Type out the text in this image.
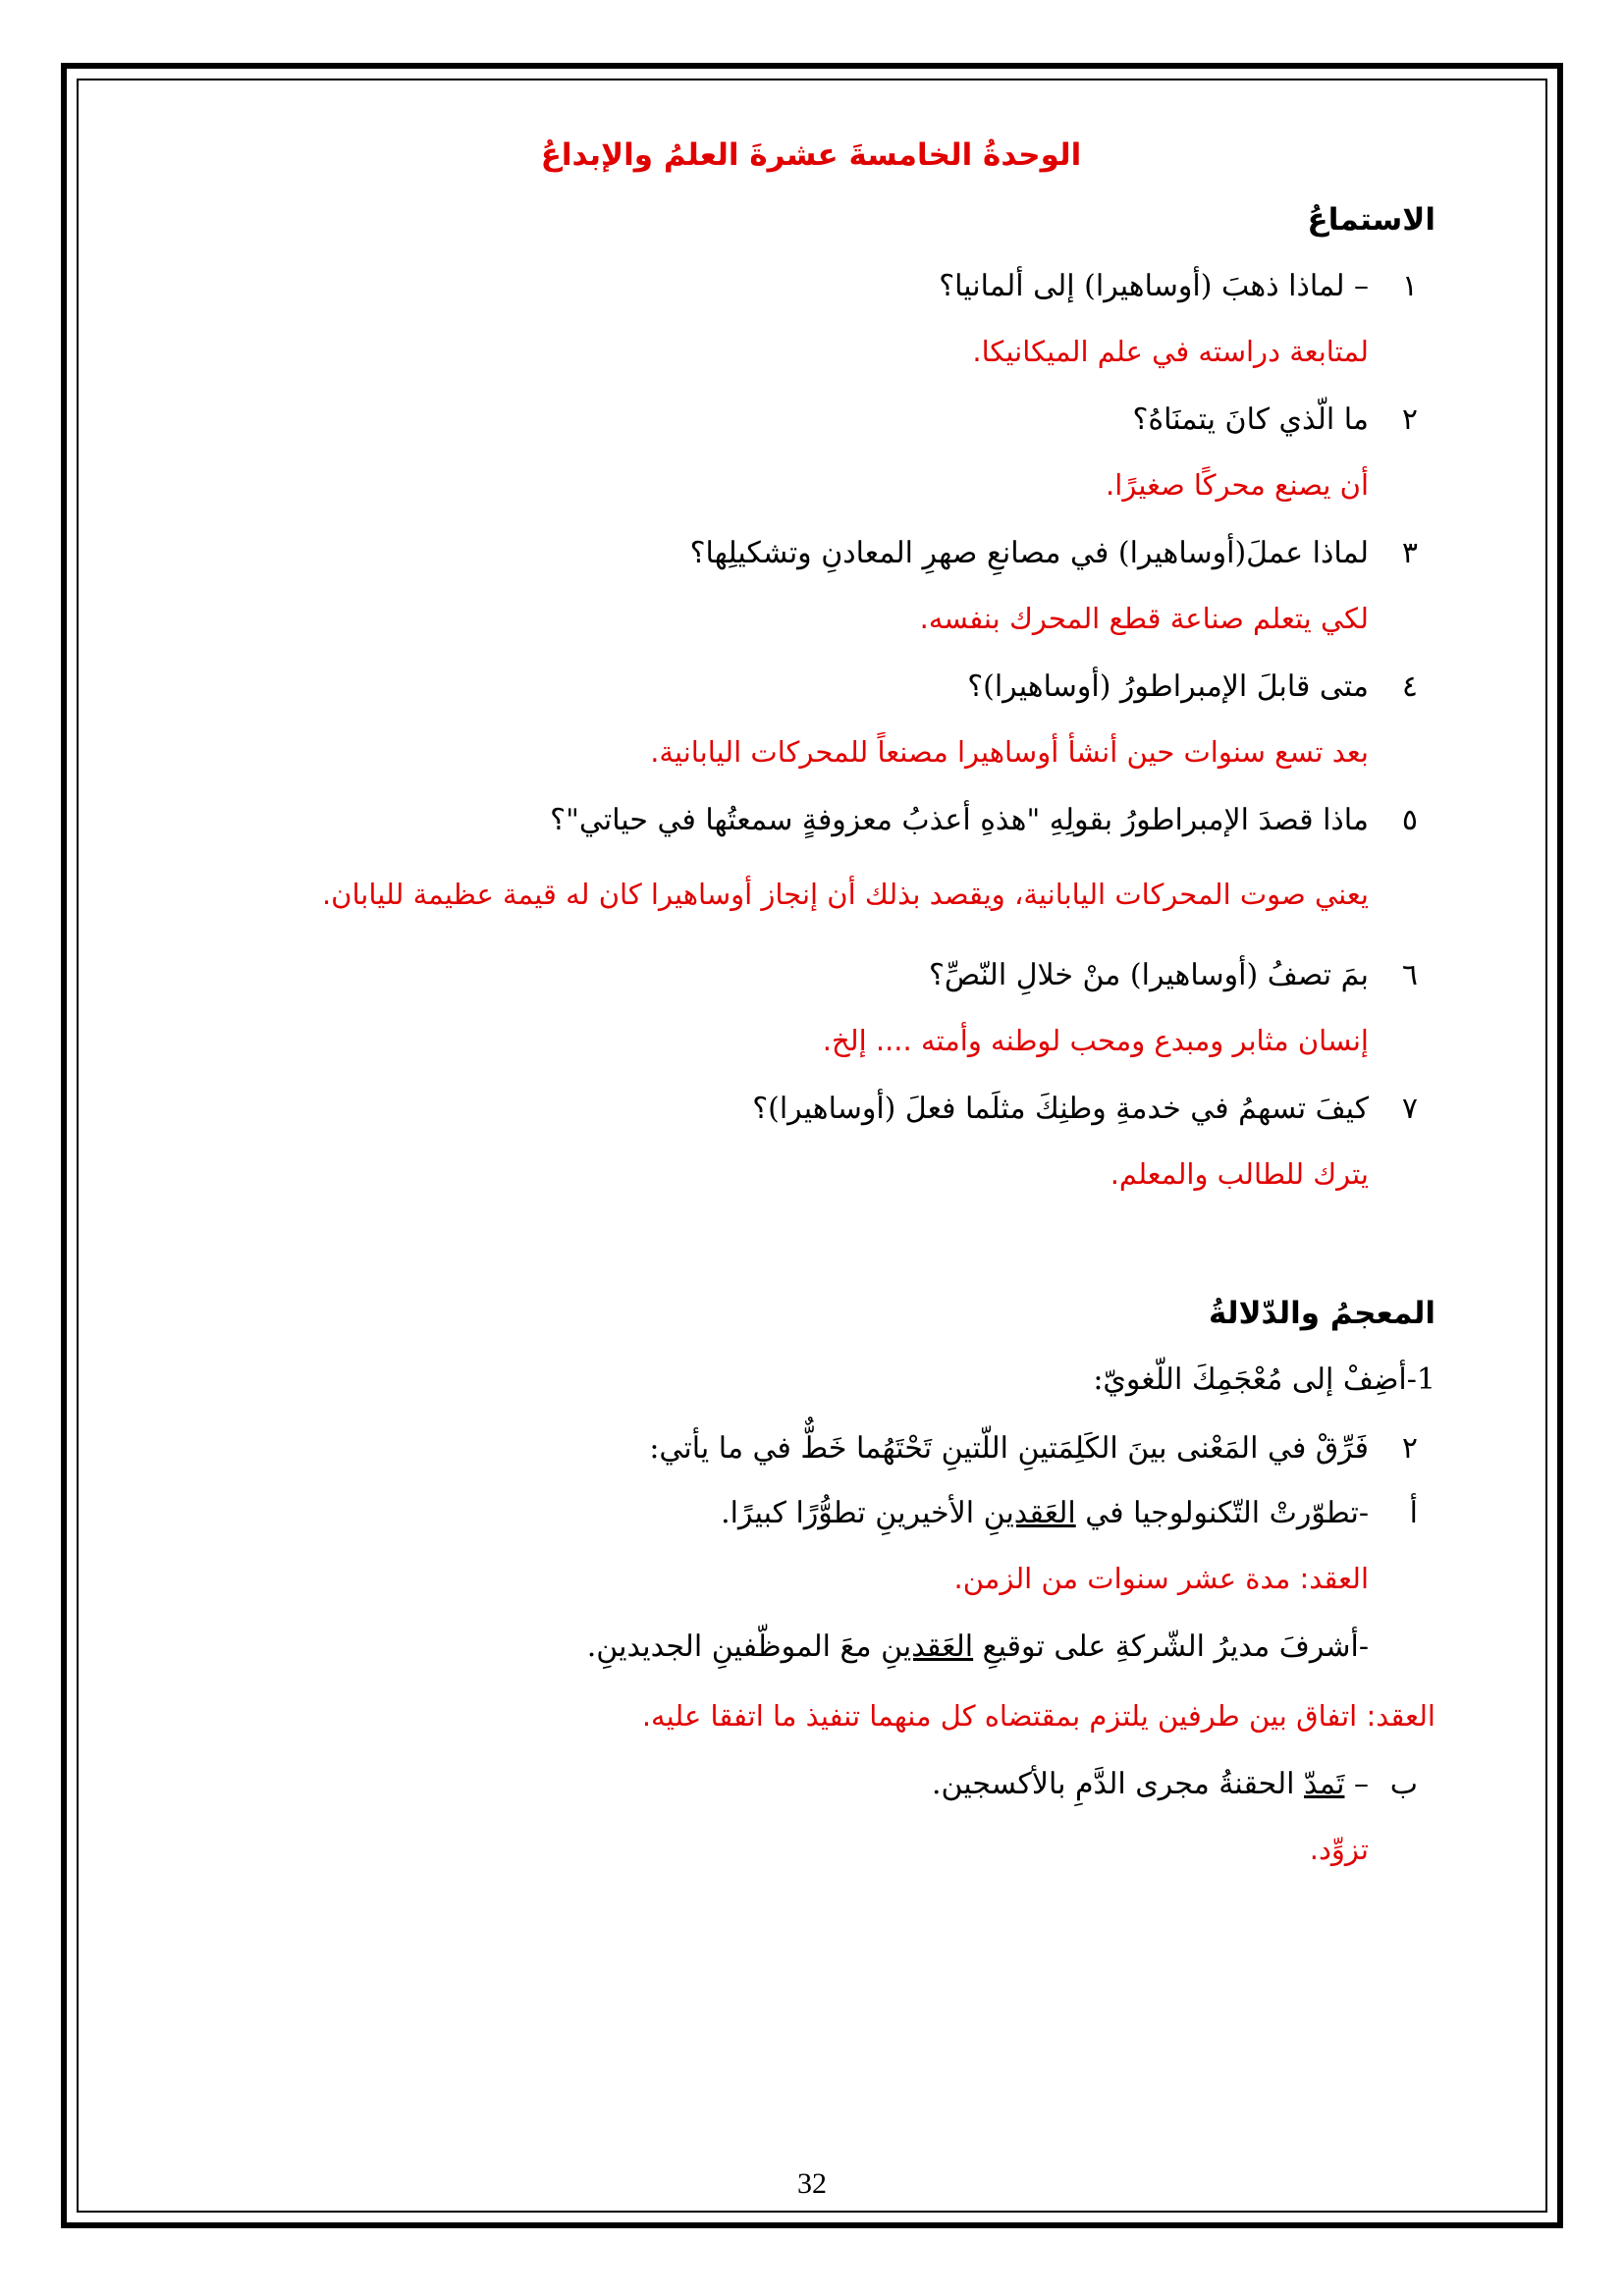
الوحدةُ الخامسةَ عشرةَ العلمُ والإبداعُ
الاستماعُ
١
– لماذا ذهبَ (أوساهيرا) إلى ألمانيا؟
لمتابعة دراسته في علم الميكانيكا.
٢
ما الّذي كانَ يتمنَاهُ؟
أن يصنع محركًا صغيرًا.
٣
لماذا عملَ(أوساهيرا) في مصانعِ صهرِ المعادنِ وتشكيلِها؟
لكي يتعلم صناعة قطع المحرك بنفسه.
٤
متى قابلَ الإمبراطورُ (أوساهيرا)؟
بعد تسع سنوات حين أنشأ أوساهيرا مصنعاً للمحركات اليابانية.
٥
ماذا قصدَ الإمبراطورُ بقولِهِ "هذهِ أعذبُ معزوفةٍ سمعتُها في حياتي"؟
يعني صوت المحركات اليابانية، ويقصد بذلك أن إنجاز أوساهيرا كان له قيمة عظيمة لليابان.
٦
بمَ تصفُ (أوساهيرا) منْ خلالِ النّصِّ؟
إنسان مثابر ومبدع ومحب لوطنه وأمته .... إلخ.
٧
كيفَ تسهمُ في خدمةِ وطنِكَ مثلَما فعلَ (أوساهيرا)؟
يترك للطالب والمعلم.
المعجمُ والدّلالةُ
1-أضِفْ إلى مُعْجَمِكَ اللّغويّ:
٢
فَرِّقْ في المَعْنى بينَ الكَلِمَتينِ اللّتينِ تَحْتَهُما خَطٌّ في ما يأتي:
أ
-تطوّرتْ التّكنولوجيا في العَقدينِ الأخيرينِ تطوُّرًا كبيرًا.
العقد: مدة عشر سنوات من الزمن.
-أشرفَ مديرُ الشّركةِ على توقيعِ العَقدينِ معَ الموظّفينِ الجديدينِ.
العقد: اتفاق بين طرفين يلتزم بمقتضاه كل منهما تنفيذ ما اتفقا عليه.
ب
– تَمدّ الحقنةُ مجرى الدَّمِ بالأكسجين.
تزوِّد.
32
